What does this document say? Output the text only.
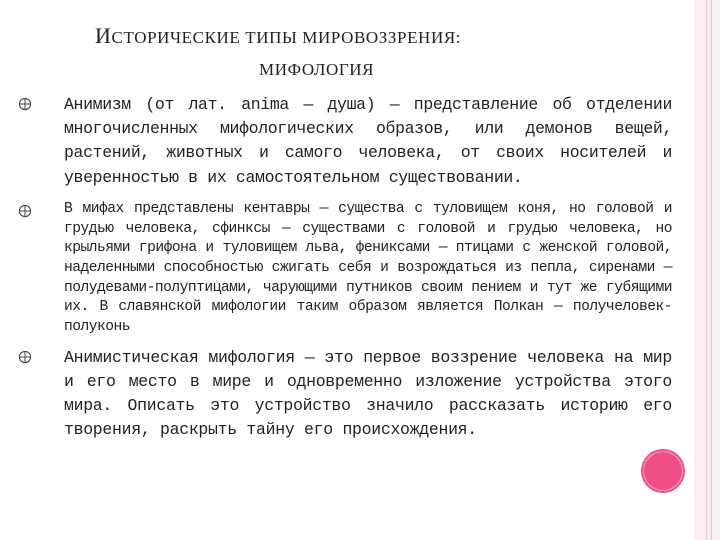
ИСТОРИЧЕСКИЕ ТИПЫ МИРОВОЗЗРЕНИЯ:
МИФОЛОГИЯ

Анимизм (от лат. anima — душа) — представление об отделении многочисленных мифологических образов, или демонов вещей, растений, животных и самого человека, от своих носителей и уверенностью в их самостоятельном существовании.

В мифах представлены кентавры — существа с туловищем коня, но головой и грудью человека, сфинксы — существами с головой и грудью человека, но крыльями грифона и туловищем льва, фениксами — птицами с женской головой, наделенными способностью сжигать себя и возрождаться из пепла, сиренами — полудевами-полуптицами, чарующими путников своим пением и тут же губящими их. В славянской мифологии таким образом является Полкан — получеловек-полуконь

Анимистическая мифология — это первое воззрение человека на мир и его место в мире и одновременно изложение устройства этого мира. Описать это устройство значило рассказать историю его творения, раскрыть тайну его происхождения.
